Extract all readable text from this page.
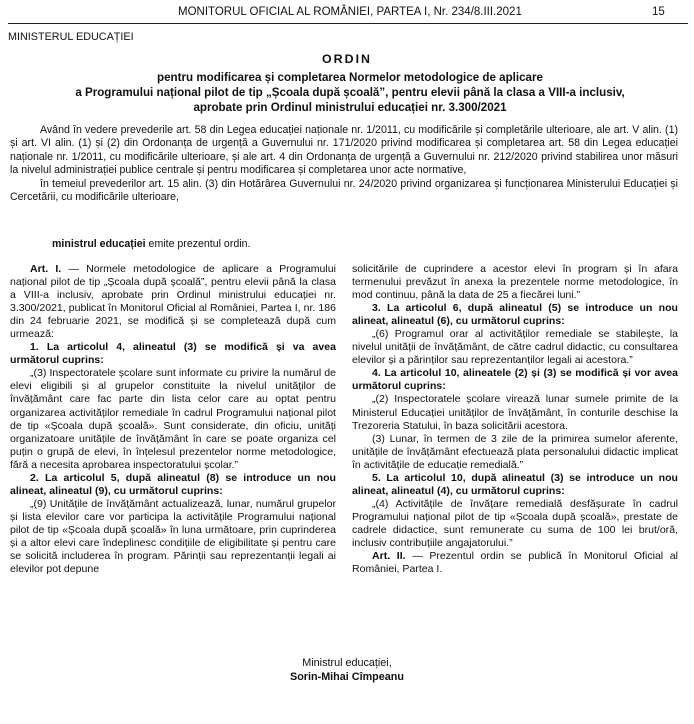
MONITORUL OFICIAL AL ROMÂNIEI, PARTEA I, Nr. 234/8.III.2021	15
MINISTERUL EDUCAȚIEI
ORDIN
pentru modificarea și completarea Normelor metodologice de aplicare
a Programului național pilot de tip „Școala după școală”, pentru elevii până la clasa a VIII-a inclusiv,
aprobate prin Ordinul ministrului educației nr. 3.300/2021

Având în vedere prevederile art. 58 din Legea educației naționale nr. 1/2011, cu modificările și completările ulterioare, ale art. V alin. (1) și art. VI alin. (1) și (2) din Ordonanța de urgență a Guvernului nr. 171/2020 privind modificarea și completarea art. 58 din Legea educației naționale nr. 1/2011, cu modificările ulterioare, și ale art. 4 din Ordonanța de urgență a Guvernului nr. 212/2020 privind stabilirea unor măsuri la nivelul administrației publice centrale și pentru modificarea și completarea unor acte normative,

în temeiul prevederilor art. 15 alin. (3) din Hotărârea Guvernului nr. 24/2020 privind organizarea și funcționarea Ministerului Educației și Cercetării, cu modificările ulterioare,

ministrul educației emite prezentul ordin.

Art. I. — Normele metodologice de aplicare a Programului național pilot de tip „Școala după școală”, pentru elevii până la clasa a VIII-a inclusiv, aprobate prin Ordinul ministrului educației nr. 3.300/2021, publicat în Monitorul Oficial al României, Partea I, nr. 186 din 24 februarie 2021, se modifică și se completează după cum urmează:

1. La articolul 4, alineatul (3) se modifică și va avea următorul cuprins:

„(3) Inspectoratele școlare sunt informate cu privire la numărul de elevi eligibili și al grupelor constituite la nivelul unităților de învățământ care fac parte din lista celor care au optat pentru organizarea activităților remediale în cadrul Programului național pilot de tip «Școala după școală». Sunt considerate, din oficiu, unități organizatoare unitățile de învățământ în care se poate organiza cel puțin o grupă de elevi, în înțelesul prezentelor norme metodologice, fără a necesita aprobarea inspectoratului școlar.”

2. La articolul 5, după alineatul (8) se introduce un nou alineat, alineatul (9), cu următorul cuprins:

„(9) Unitățile de învățământ actualizează, lunar, numărul grupelor și lista elevilor care vor participa la activitățile Programului național pilot de tip «Școala după școală» în luna următoare, prin cuprinderea și a altor elevi care îndeplinesc condițiile de eligibilitate și pentru care se solicită includerea în program. Părinții sau reprezentanții legali ai elevilor pot depune

solicitările de cuprindere a acestor elevi în program și în afara termenului prevăzut în anexa la prezentele norme metodologice, în mod continuu, până la data de 25 a fiecărei luni.”

3. La articolul 6, după alineatul (5) se introduce un nou alineat, alineatul (6), cu următorul cuprins:

„(6) Programul orar al activităților remediale se stabilește, la nivelul unității de învățământ, de către cadrul didactic, cu consultarea elevilor și a părinților sau reprezentanților legali ai acestora.”

4. La articolul 10, alineatele (2) și (3) se modifică și vor avea următorul cuprins:

„(2) Inspectoratele școlare virează lunar sumele primite de la Ministerul Educației unităților de învățământ, în conturile deschise la Trezoreria Statului, în baza solicitării acestora.

(3) Lunar, în termen de 3 zile de la primirea sumelor aferente, unitățile de învățământ efectuează plata personalului didactic implicat în activitățile de educație remedială.”

5. La articolul 10, după alineatul (3) se introduce un nou alineat, alineatul (4), cu următorul cuprins:

„(4) Activitățile de învățare remedială desfășurate în cadrul Programului național pilot de tip «Școala după școală», prestate de cadrele didactice, sunt remunerate cu suma de 100 lei brut/oră, inclusiv contribuțiile angajatorului.”

Art. II. — Prezentul ordin se publică în Monitorul Oficial al României, Partea I.

Ministrul educației,
Sorin-Mihai Cîmpeanu
